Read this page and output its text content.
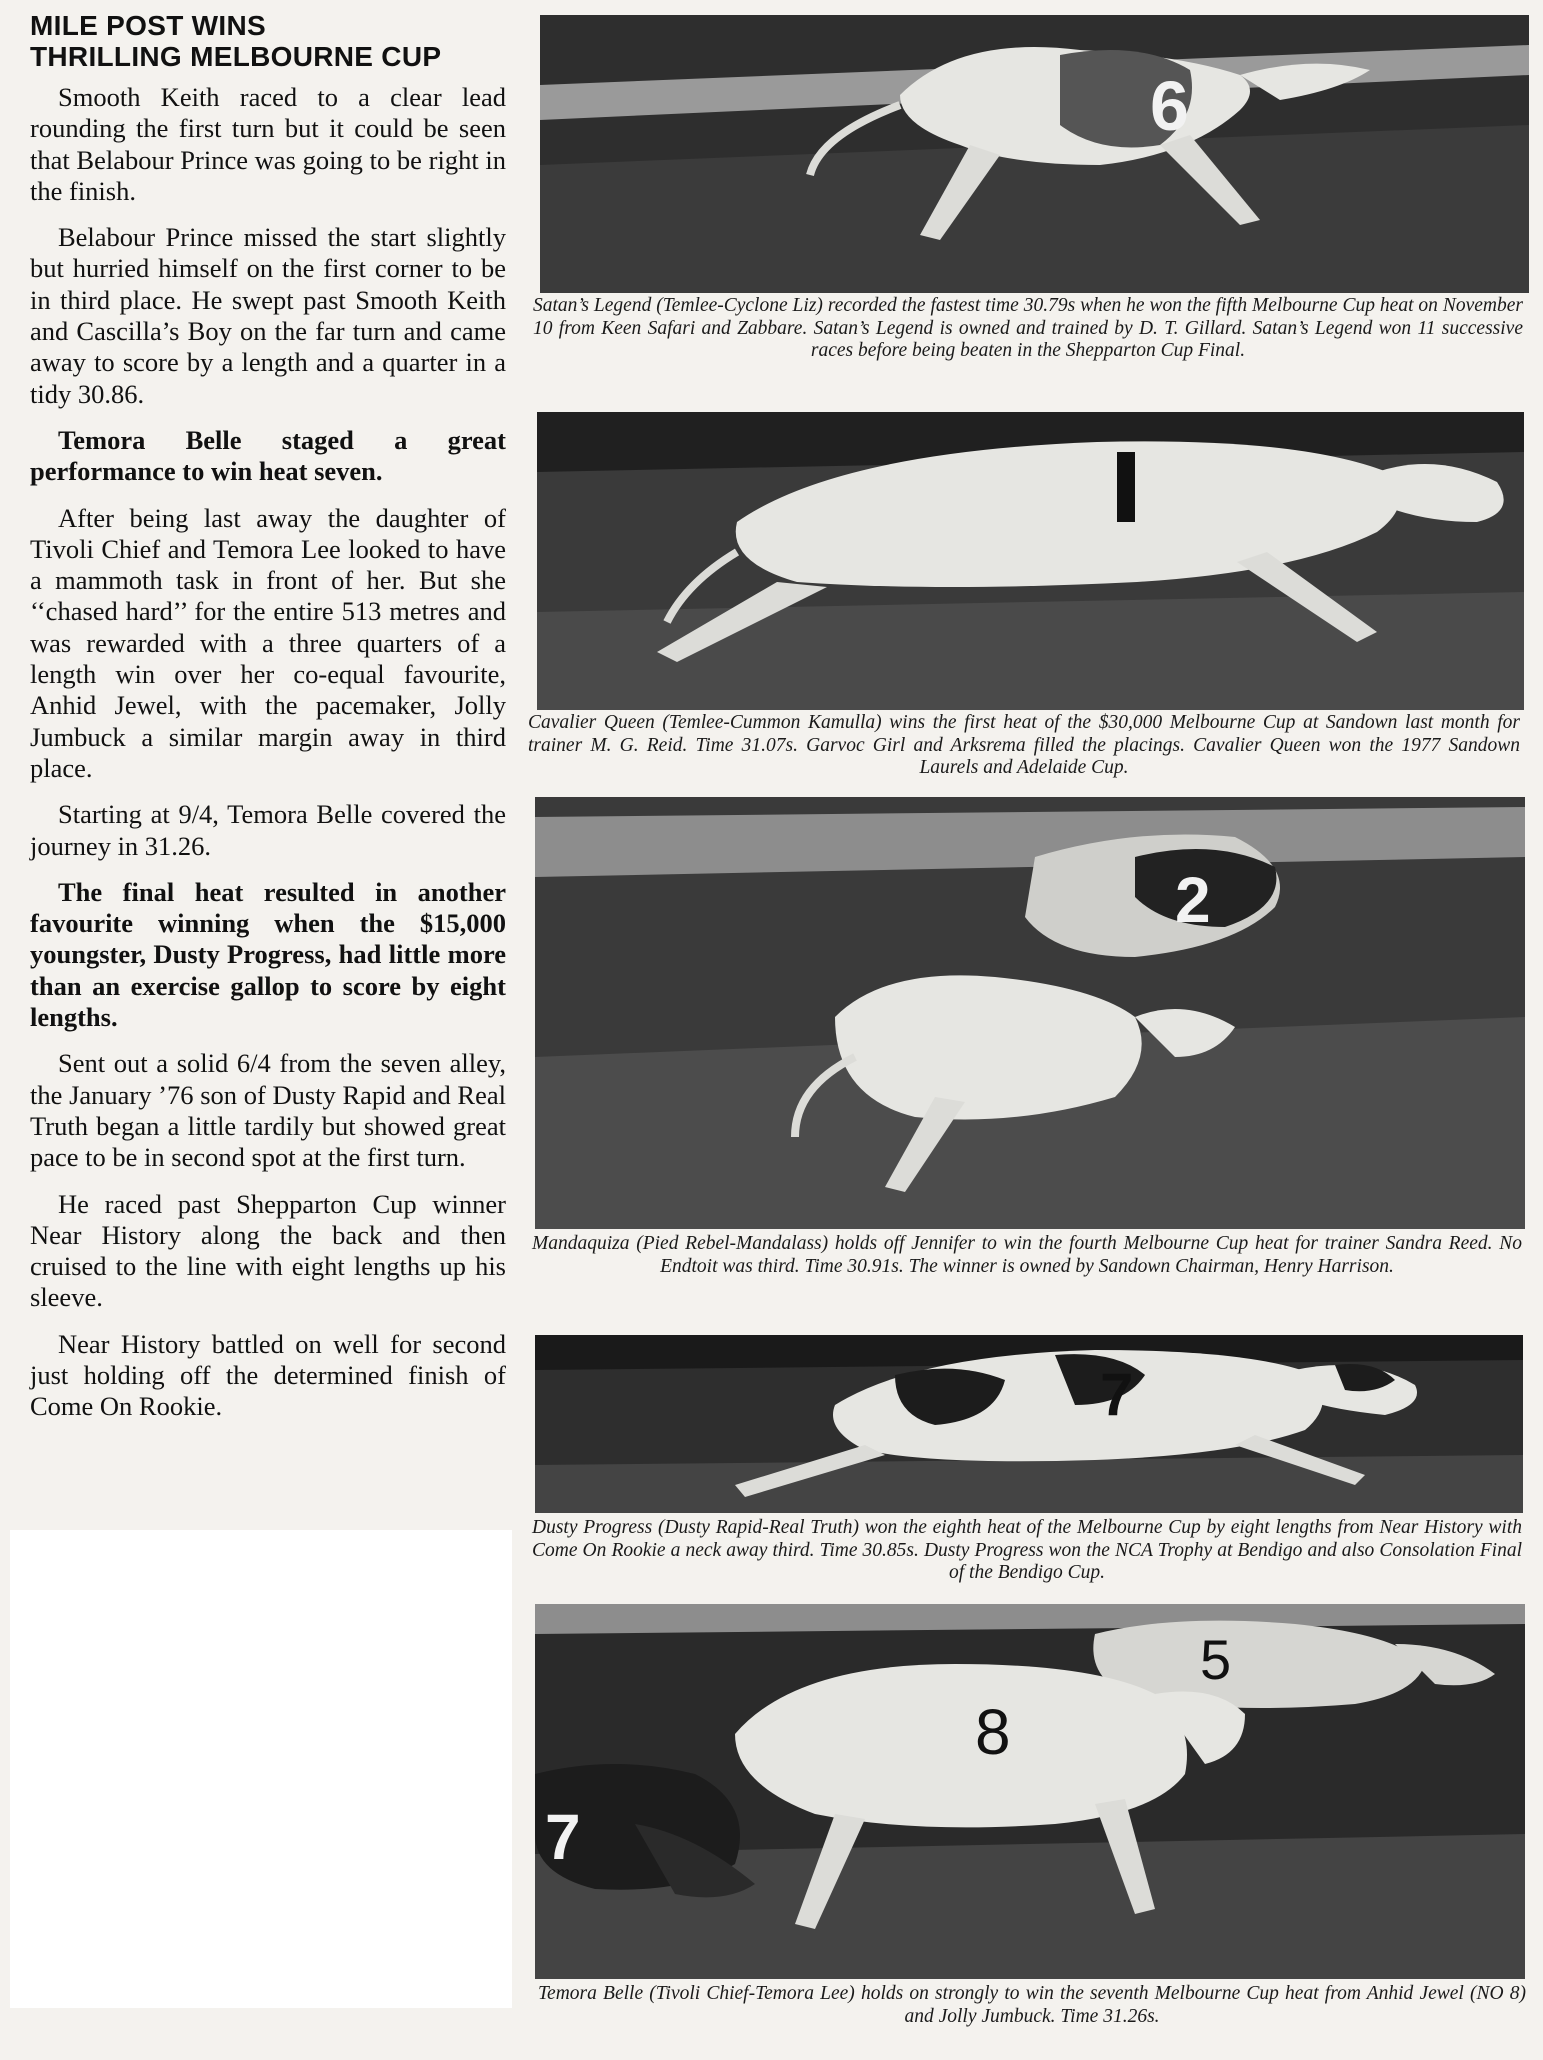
MILE POST WINS
THRILLING MELBOURNE CUP

Smooth Keith raced to a clear lead rounding the first turn but it could be seen that Belabour Prince was going to be right in the finish.

Belabour Prince missed the start slightly but hurried himself on the first corner to be in third place. He swept past Smooth Keith and Cascilla’s Boy on the far turn and came away to score by a length and a quarter in a tidy 30.86.

Temora Belle staged a great performance to win heat seven.

After being last away the daughter of Tivoli Chief and Temora Lee looked to have a mammoth task in front of her. But she ‘‘chased hard’’ for the entire 513 metres and was rewarded with a three quarters of a length win over her co-equal favourite, Anhid Jewel, with the pacemaker, Jolly Jumbuck a similar margin away in third place.

Starting at 9/4, Temora Belle covered the journey in 31.26.

The final heat resulted in another favourite winning when the $15,000 youngster, Dusty Progress, had little more than an exercise gallop to score by eight lengths.

Sent out a solid 6/4 from the seven alley, the January ’76 son of Dusty Rapid and Real Truth began a little tardily but showed great pace to be in second spot at the first turn.

He raced past Shepparton Cup winner Near History along the back and then cruised to the line with eight lengths up his sleeve.

Near History battled on well for second just holding off the determined finish of Come On Rookie.

6
Satan’s Legend (Temlee-Cyclone Liz) recorded the fastest time 30.79s when he won the fifth Melbourne Cup heat on November 10 from Keen Safari and Zabbare. Satan’s Legend is owned and trained by D. T. Gillard. Satan’s Legend won 11 successive races before being beaten in the Shepparton Cup Final.
Cavalier Queen (Temlee-Cummon Kamulla) wins the first heat of the $30,000 Melbourne Cup at Sandown last month for trainer M. G. Reid. Time 31.07s. Garvoc Girl and Arksrema filled the placings. Cavalier Queen won the 1977 Sandown Laurels and Adelaide Cup.
2
Mandaquiza (Pied Rebel-Mandalass) holds off Jennifer to win the fourth Melbourne Cup heat for trainer Sandra Reed. No Endtoit was third. Time 30.91s. The winner is owned by Sandown Chairman, Henry Harrison.
7
Dusty Progress (Dusty Rapid-Real Truth) won the eighth heat of the Melbourne Cup by eight lengths from Near History with Come On Rookie a neck away third. Time 30.85s. Dusty Progress won the NCA Trophy at Bendigo and also Consolation Final of the Bendigo Cup.
5
8
7
Temora Belle (Tivoli Chief-Temora Lee) holds on strongly to win the seventh Melbourne Cup heat from Anhid Jewel (NO 8) and Jolly Jumbuck. Time 31.26s.
